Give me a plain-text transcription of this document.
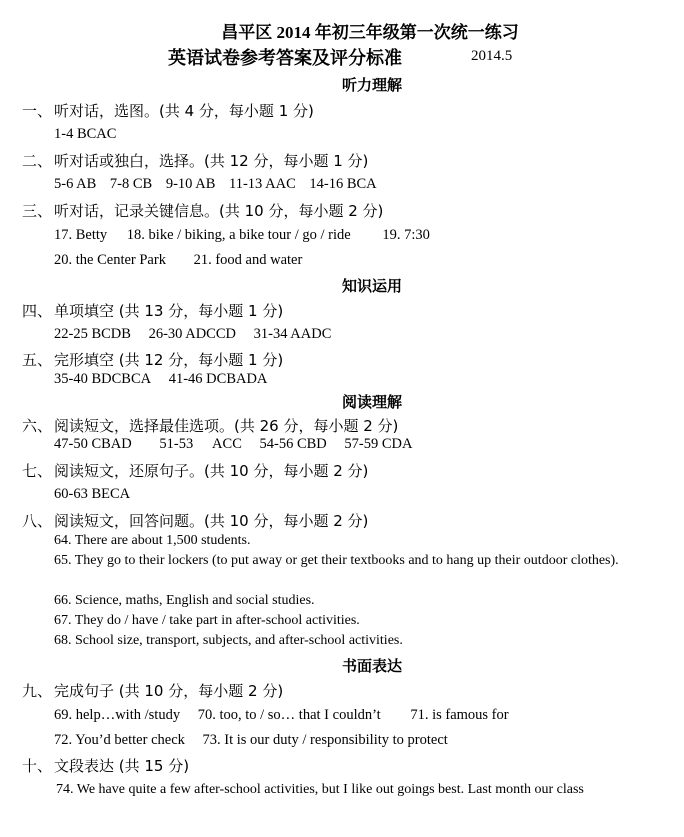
昌平区 2014 年初三年级第一次统一练习
英语试卷参考答案及评分标准	2014.5
听力理解
一、 听对话，选图。(共 4 分，每小题 1 分)
1-4 BCAC
二、 听对话或独白，选择。(共 12 分，每小题 1 分)
5-6 AB 7-8 CB 9-10 AB 11-13 AAC 14-16 BCA
三、 听对话，记录关键信息。(共 10 分，每小题 2 分)
17. Betty 18. bike / biking, a bike tour / go / ride 19. 7:30
20. the Center Park 21. food and water
知识运用
四、 单项填空 (共 13 分，每小题 1 分)
22-25 BCDB 26-30 ADCCD 31-34 AADC
五、 完形填空 (共 12 分，每小题 1 分)
35-40 BDCBCA 41-46 DCBADA
阅读理解
六、 阅读短文，选择最佳选项。(共 26 分，每小题 2 分)
47-50 CBAD 51-53 ACC 54-56 CBD 57-59 CDA
七、 阅读短文，还原句子。(共 10 分，每小题 2 分)
60-63 BECA
八、 阅读短文，回答问题。(共 10 分，每小题 2 分)
64. There are about 1,500 students.
65. They go to their lockers (to put away or get their textbooks and to hang up their outdoor clothes).
66. Science, maths, English and social studies.
67. They do / have / take part in after-school activities.
68. School size, transport, subjects, and after-school activities.
书面表达
九、 完成句子 (共 10 分，每小题 2 分)
69. help…with /study 70. too, to / so… that I couldn’t 71. is famous for
72. You’d better check 73. It is our duty / responsibility to protect
十、 文段表达 (共 15 分)
74. We have quite a few after-school activities, but I like out goings best. Last month our class
